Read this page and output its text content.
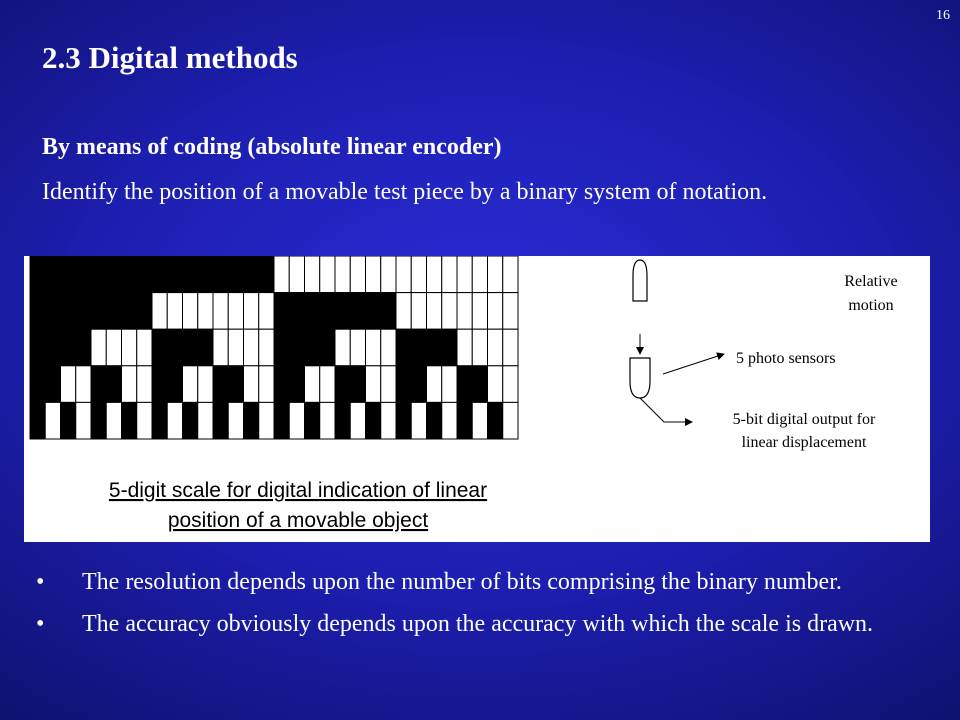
16
2.3 Digital methods
By means of coding (absolute linear encoder)
Identify the position of a movable test piece by a binary system of notation.
Relative
motion
5 photo sensors
5-bit digital output for
linear displacement
5-digit scale for digital indication of linear
position of a movable object
• The resolution depends upon the number of bits comprising the binary number.
• The accuracy obviously depends upon the accuracy with which the scale is drawn.
